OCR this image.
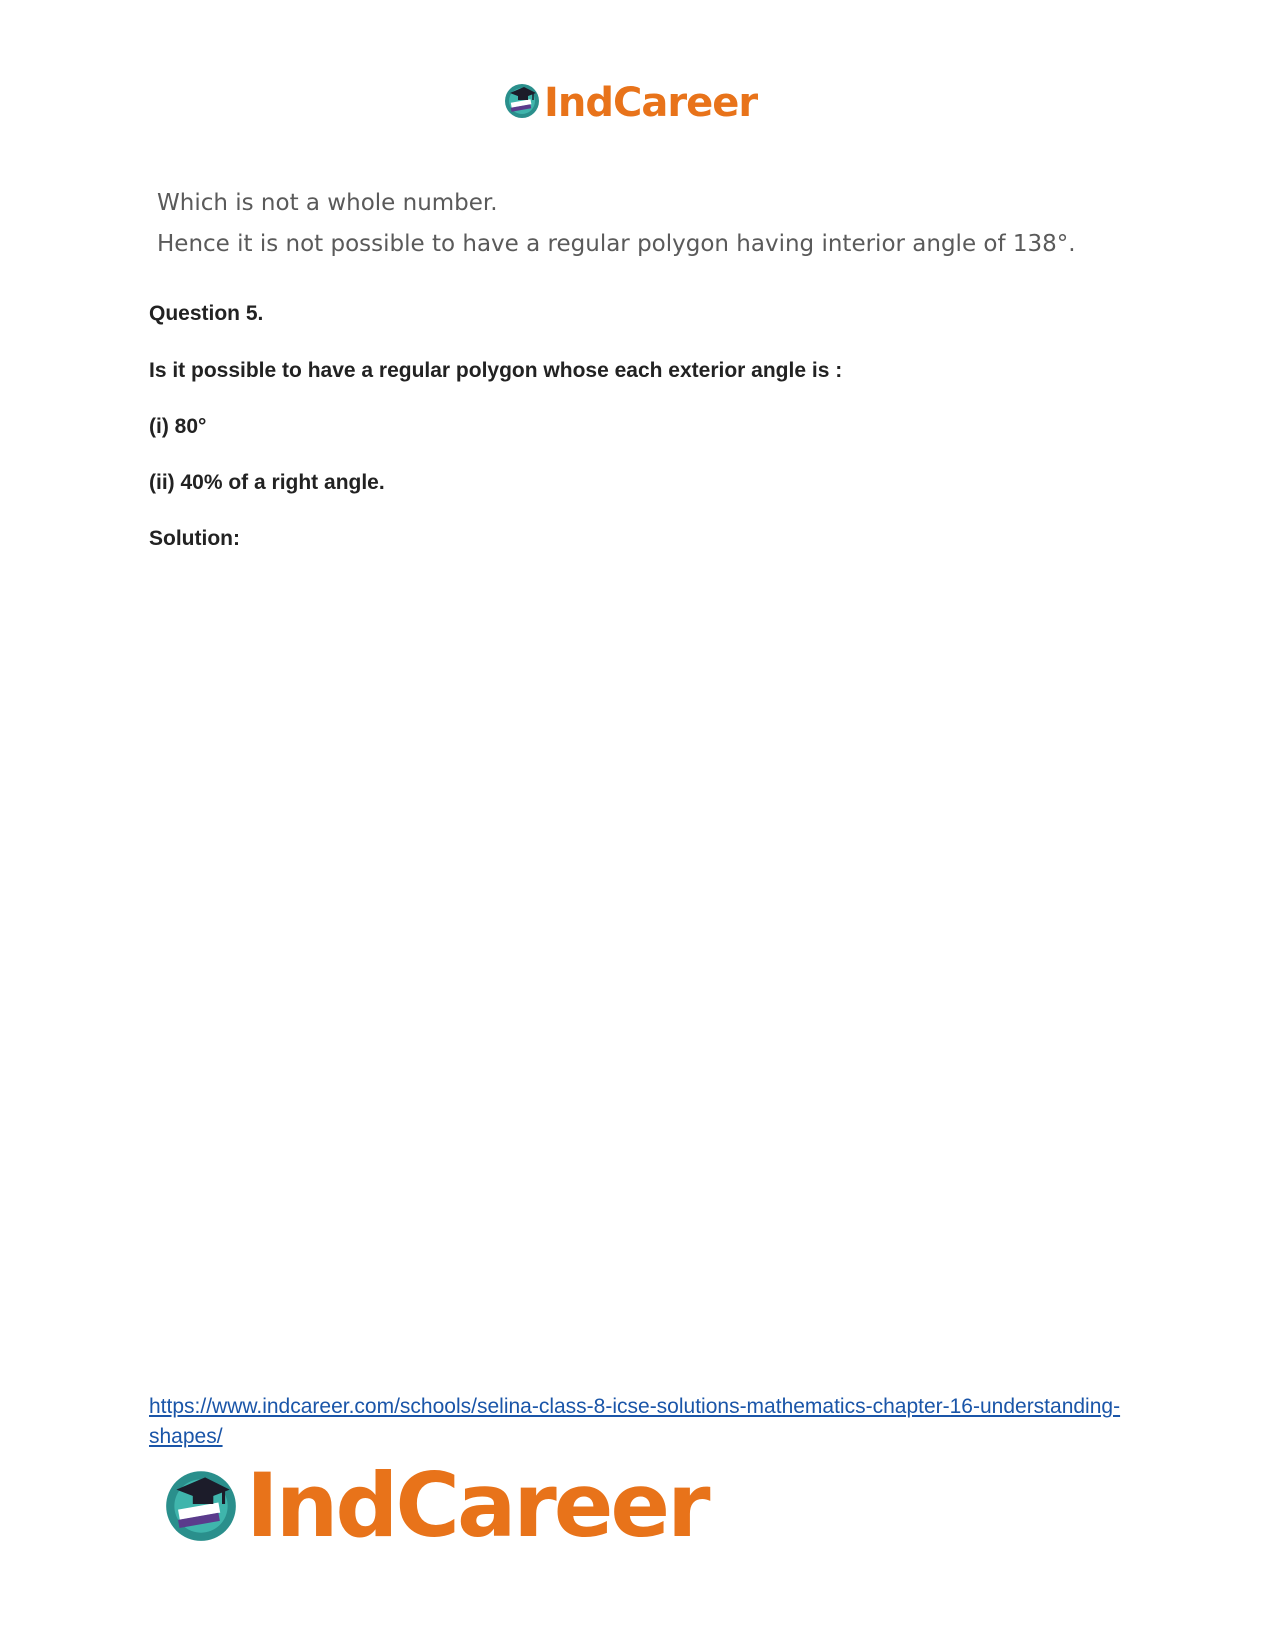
IndCareer
Which is not a whole number.
Hence it is not possible to have a regular polygon having interior angle of 138°.
Question 5.
Is it possible to have a regular polygon whose each exterior angle is :
(i) 80°
(ii) 40% of a right angle.
Solution:
https://www.indcareer.com/schools/selina-class-8-icse-solutions-mathematics-chapter-16-understanding-shapes/
IndCareer
